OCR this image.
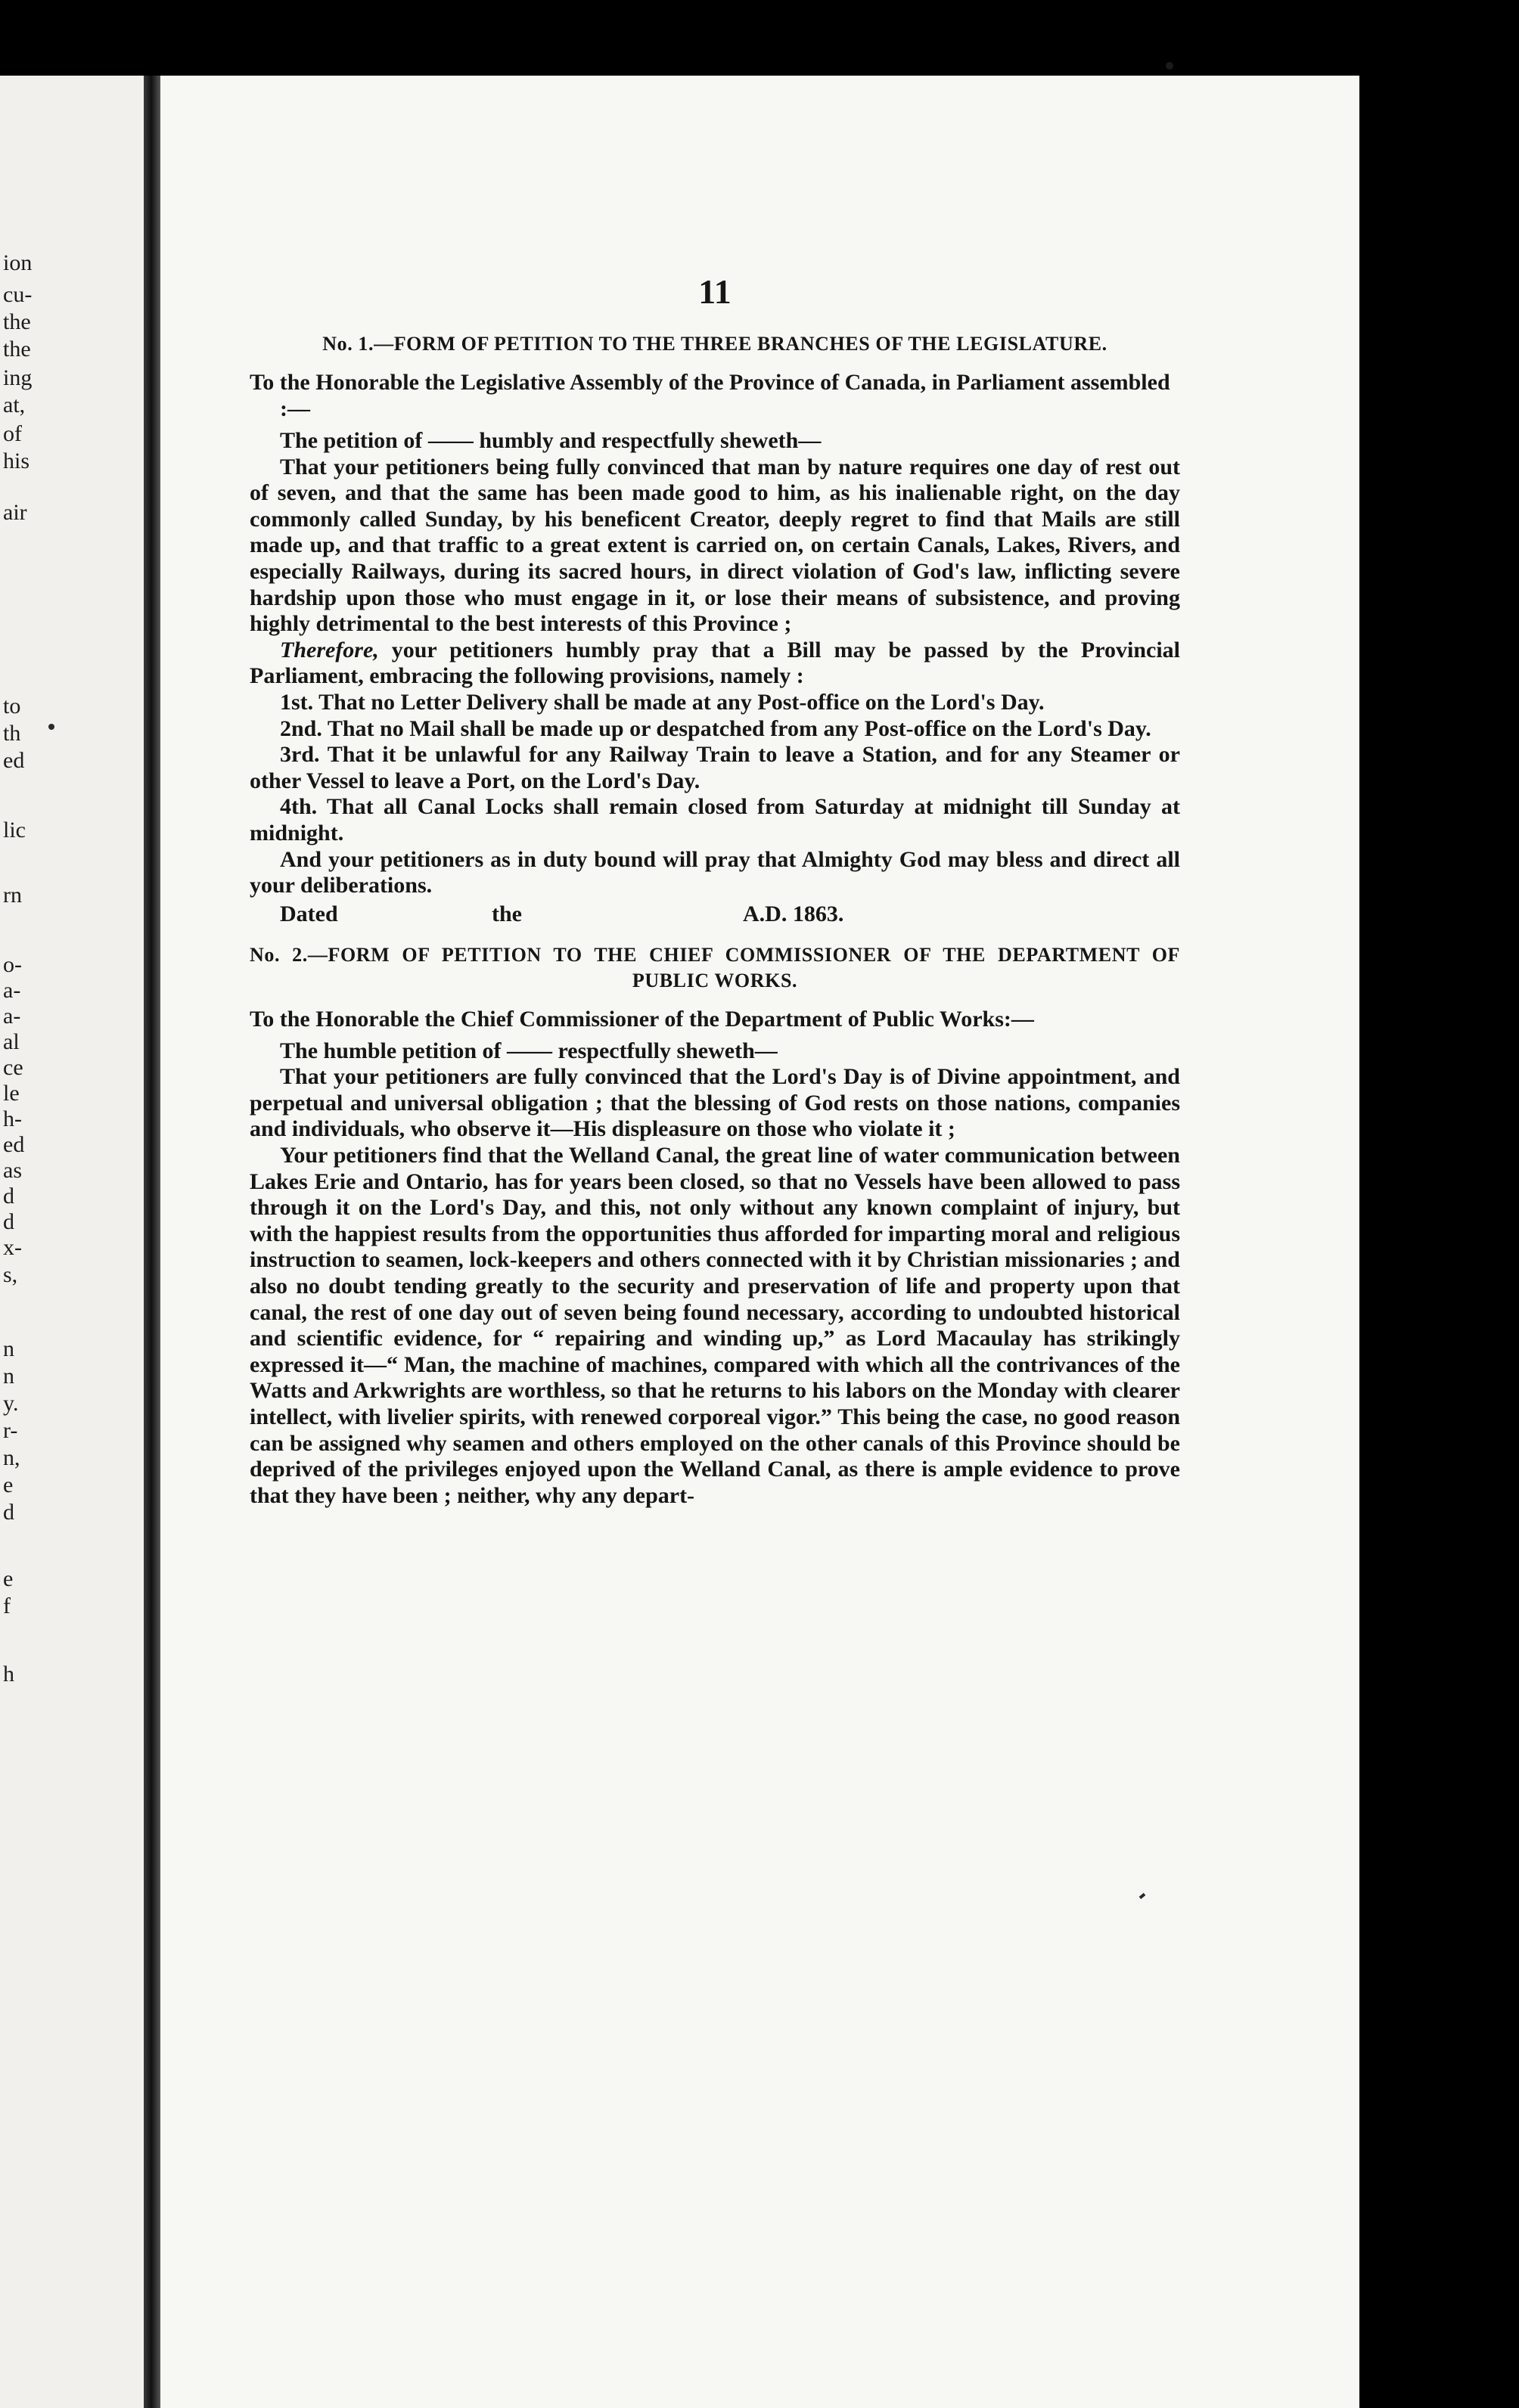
ion
cu-
the
the
ing
at,
of
his
air
to
th
ed
lic
rn
o-
a-
a-
al
ce
le
h-
ed
as
d
d
x-
s,
n
n
y.
r-
n,
e
d
e
f
h
11

No. 1.—FORM OF PETITION TO THE THREE BRANCHES OF THE LEGISLATURE.

To the Honorable the Legislative Assembly of the Province of Canada, in Parliament assembled :—

The petition of —— humbly and respectfully sheweth—

That your petitioners being fully convinced that man by nature requires one day of rest out of seven, and that the same has been made good to him, as his inalienable right, on the day commonly called Sunday, by his beneficent Creator, deeply regret to find that Mails are still made up, and that traffic to a great extent is carried on, on certain Canals, Lakes, Rivers, and especially Railways, during its sacred hours, in direct violation of God's law, inflicting severe hardship upon those who must engage in it, or lose their means of subsistence, and proving highly detrimental to the best interests of this Province ;

Therefore, your petitioners humbly pray that a Bill may be passed by the Provincial Parliament, embracing the following provisions, namely :

1st. That no Letter Delivery shall be made at any Post-office on the Lord's Day.

2nd. That no Mail shall be made up or despatched from any Post-office on the Lord's Day.

3rd. That it be unlawful for any Railway Train to leave a Station, and for any Steamer or other Vessel to leave a Port, on the Lord's Day.

4th. That all Canal Locks shall remain closed from Saturday at midnight till Sunday at midnight.

And your petitioners as in duty bound will pray that Almighty God may bless and direct all your deliberations.

Dated	the	A.D. 1863.

No. 2.—FORM OF PETITION TO THE CHIEF COMMISSIONER OF THE DEPARTMENT OF PUBLIC WORKS.

To the Honorable the Chief Commissioner of the Department of Public Works:—

The humble petition of —— respectfully sheweth—

That your petitioners are fully convinced that the Lord's Day is of Divine appointment, and perpetual and universal obligation ; that the blessing of God rests on those nations, companies and individuals, who observe it—His displeasure on those who violate it ;

Your petitioners find that the Welland Canal, the great line of water communication between Lakes Erie and Ontario, has for years been closed, so that no Vessels have been allowed to pass through it on the Lord's Day, and this, not only without any known complaint of injury, but with the happiest results from the opportunities thus afforded for imparting moral and religious instruction to seamen, lock-keepers and others connected with it by Christian missionaries ; and also no doubt tending greatly to the security and preservation of life and property upon that canal, the rest of one day out of seven being found necessary, according to undoubted historical and scientific evidence, for “ repairing and winding up,” as Lord Macaulay has strikingly expressed it—“ Man, the machine of machines, compared with which all the contrivances of the Watts and Arkwrights are worthless, so that he returns to his labors on the Monday with clearer intellect, with livelier spirits, with renewed corporeal vigor.” This being the case, no good reason can be assigned why seamen and others employed on the other canals of this Province should be deprived of the privileges enjoyed upon the Welland Canal, as there is ample evidence to prove that they have been ; neither, why any depart-
